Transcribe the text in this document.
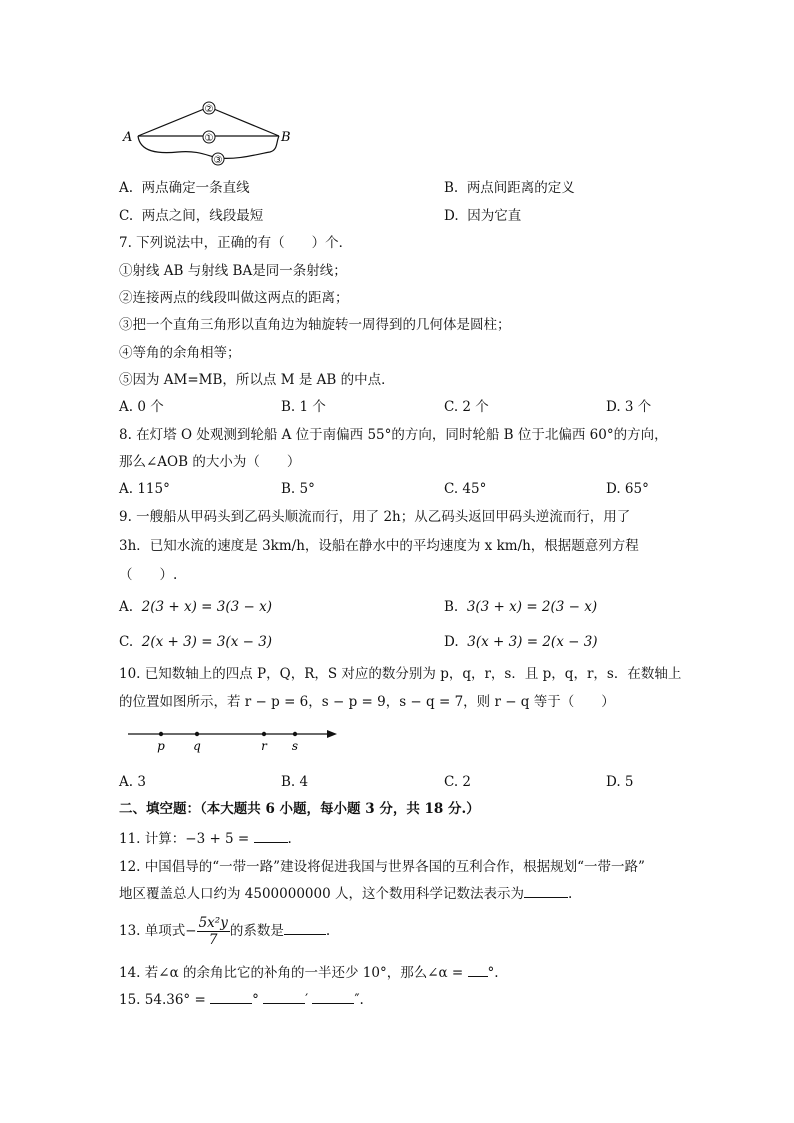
②
①
③
A	B
A. 两点确定一条直线	B. 两点间距离的定义
C. 两点之间，线段最短	D. 因为它直
7. 下列说法中，正确的有（　　）个．
①射线 AB 与射线 BA是同一条射线；
②连接两点的线段叫做这两点的距离；
③把一个直角三角形以直角边为轴旋转一周得到的几何体是圆柱；
④等角的余角相等；
⑤因为 AM=MB，所以点 M 是 AB 的中点．
A. 0 个	B. 1 个	C. 2 个	D. 3 个
8. 在灯塔 O 处观测到轮船 A 位于南偏西 55°的方向，同时轮船 B 位于北偏西 60°的方向，
那么∠AOB 的大小为（　　）
A. 115°	B. 5°	C. 45°	D. 65°
9. 一艘船从甲码头到乙码头顺流而行，用了 2h；从乙码头返回甲码头逆流而行，用了
3h．已知水流的速度是 3km/h，设船在静水中的平均速度为 x km/h，根据题意列方程
（　　）.
A. 2(3 + x) = 3(3 − x)	B. 3(3 + x) = 2(3 − x)
C. 2(x + 3) = 3(x − 3)	D. 3(x + 3) = 2(x − 3)
10. 已知数轴上的四点 P，Q，R，S 对应的数分别为 p，q，r，s．且 p，q，r，s．在数轴上
的位置如图所示，若 r − p = 6，s − p = 9，s − q = 7，则 r − q 等于（　　）
p q	r s
A. 3	B. 4	C. 2	D. 5
二、填空题：（本大题共 6 小题，每小题 3 分，共 18 分.）
11. 计算：−3 + 5 =	.
12. 中国倡导的“一带一路”建设将促进我国与世界各国的互利合作，根据规划“一带一路”
地区覆盖总人口约为 4500000000 人，这个数用科学记数法表示为	.
13. 单项式− $\frac{\text{5x²y}}{7}$ 的系数是	.
14. 若∠α 的余角比它的补角的一半还少 10°，那么∠α = °.
15. 54.36° =	°	′	″.
